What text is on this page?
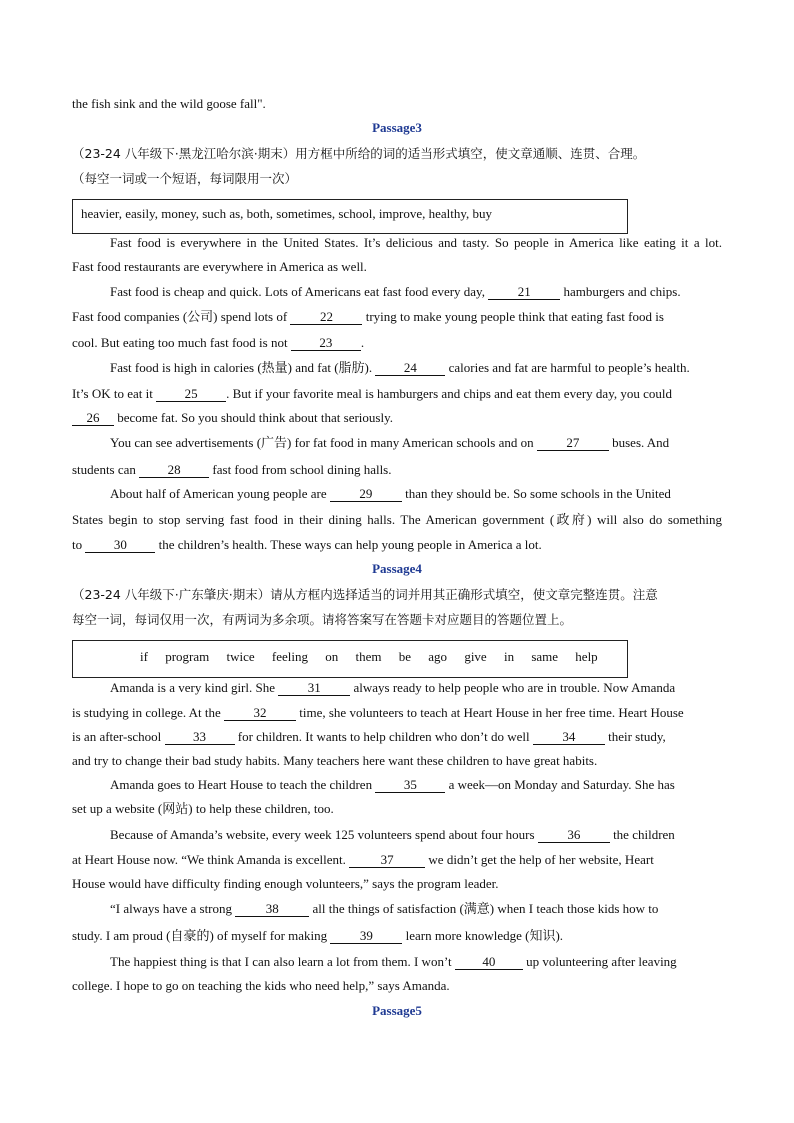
the fish sink and the wild goose fall".
Passage3
（23-24 八年级下·黑龙江哈尔滨·期末）用方框中所给的词的适当形式填空，使文章通顺、连贯、合理。
（每空一词或一个短语，每词限用一次）
heavier, easily, money, such as, both, sometimes, school, improve, healthy, buy
Fast food is everywhere in the United States. It’s delicious and tasty. So people in America like eating it a lot.
Fast food restaurants are everywhere in America as well.
Fast food is cheap and quick. Lots of Americans eat fast food every day, 21 hamburgers and chips.
Fast food companies (公司) spend lots of 22 trying to make young people think that eating fast food is
cool. But eating too much fast food is not 23 .
Fast food is high in calories (热量) and fat (脂肪). 24 calories and fat are harmful to people’s health.
It’s OK to eat it 25 . But if your favorite meal is hamburgers and chips and eat them every day, you could
26 become fat. So you should think about that seriously.
You can see advertisements (广告) for fat food in many American schools and on 27 buses. And
students can 28 fast food from school dining halls.
About half of American young people are 29 than they should be. So some schools in the United
States begin to stop serving fast food in their dining halls. The American government (政府) will also do something
to 30 the children’s health. These ways can help young people in America a lot.
Passage4
（23-24 八年级下·广东肇庆·期末）请从方框内选择适当的词并用其正确形式填空，使文章完整连贯。注意
每空一词，每词仅用一次，有两词为多余项。请将答案写在答题卡对应题目的答题位置上。
if program twice feeling on them be ago give in same help
Amanda is a very kind girl. She 31 always ready to help people who are in trouble. Now Amanda
is studying in college. At the 32 time, she volunteers to teach at Heart House in her free time. Heart House
is an after-school 33 for children. It wants to help children who don’t do well 34 their study,
and try to change their bad study habits. Many teachers here want these children to have great habits.
Amanda goes to Heart House to teach the children 35 a week—on Monday and Saturday. She has
set up a website (网站) to help these children, too.
Because of Amanda’s website, every week 125 volunteers spend about four hours 36 the children
at Heart House now. “We think Amanda is excellent. 37 we didn’t get the help of her website, Heart
House would have difficulty finding enough volunteers,” says the program leader.
“I always have a strong 38 all the things of satisfaction (满意) when I teach those kids how to
study. I am proud (自豪的) of myself for making 39 learn more knowledge (知识).
The happiest thing is that I can also learn a lot from them. I won’t 40 up volunteering after leaving
college. I hope to go on teaching the kids who need help,” says Amanda.
Passage5
